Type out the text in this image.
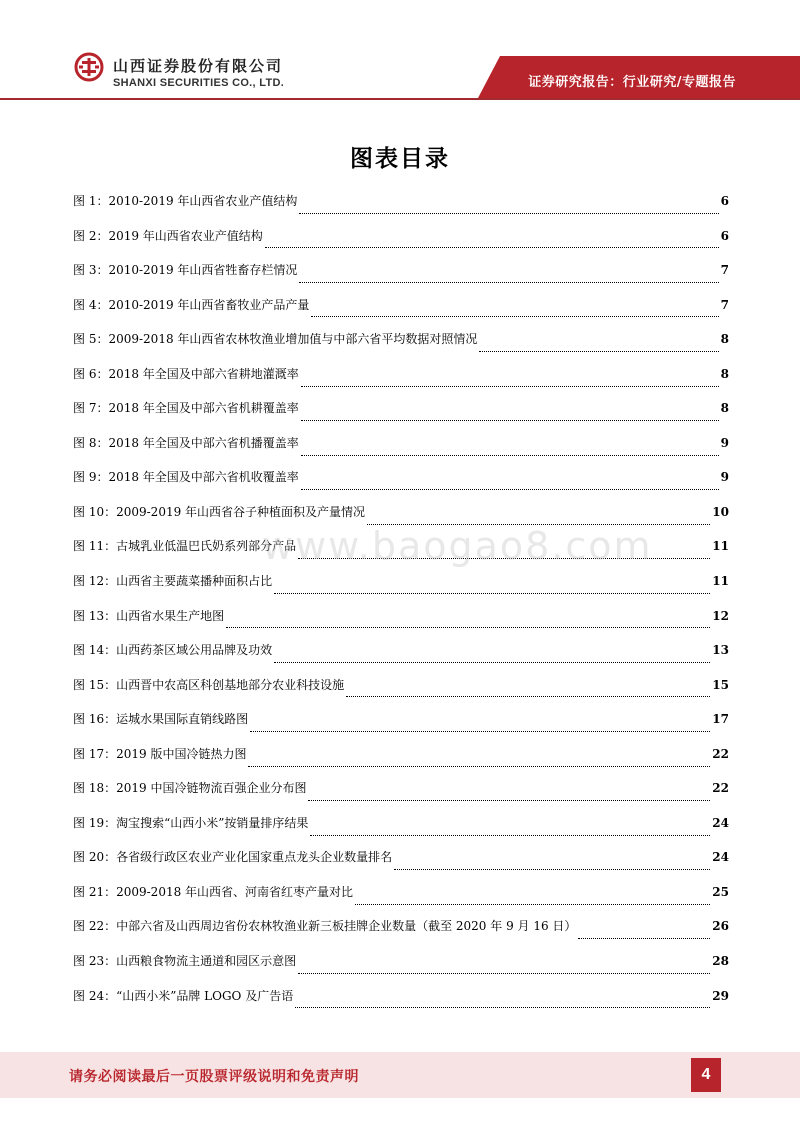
山西证券股份有限公司
SHANXI SECURITIES CO., LTD.	证券研究报告：行业研究/专题报告
图表目录
图 1：2010-2019 年山西省农业产值结构	6
图 2：2019 年山西省农业产值结构	6
图 3：2010-2019 年山西省牲畜存栏情况	7
图 4：2010-2019 年山西省畜牧业产品产量	7
图 5：2009-2018 年山西省农林牧渔业增加值与中部六省平均数据对照情况	8
图 6：2018 年全国及中部六省耕地灌溉率	8
图 7：2018 年全国及中部六省机耕覆盖率	8
图 8：2018 年全国及中部六省机播覆盖率	9
图 9：2018 年全国及中部六省机收覆盖率	9
图 10：2009-2019 年山西省谷子种植面积及产量情况	10
图 11：古城乳业低温巴氏奶系列部分产品	11
图 12：山西省主要蔬菜播种面积占比	11
图 13：山西省水果生产地图	12
图 14：山西药茶区域公用品牌及功效	13
图 15：山西晋中农高区科创基地部分农业科技设施	15
图 16：运城水果国际直销线路图	17
图 17：2019 版中国冷链热力图	22
图 18：2019 中国冷链物流百强企业分布图	22
图 19：淘宝搜索“山西小米”按销量排序结果	24
图 20：各省级行政区农业产业化国家重点龙头企业数量排名	24
图 21：2009-2018 年山西省、河南省红枣产量对比	25
图 22：中部六省及山西周边省份农林牧渔业新三板挂牌企业数量（截至 2020 年 9 月 16 日）	26
图 23：山西粮食物流主通道和园区示意图	28
图 24：“山西小米”品牌 LOGO 及广告语	29
www.baogao8.com
请务必阅读最后一页股票评级说明和免责声明	4
